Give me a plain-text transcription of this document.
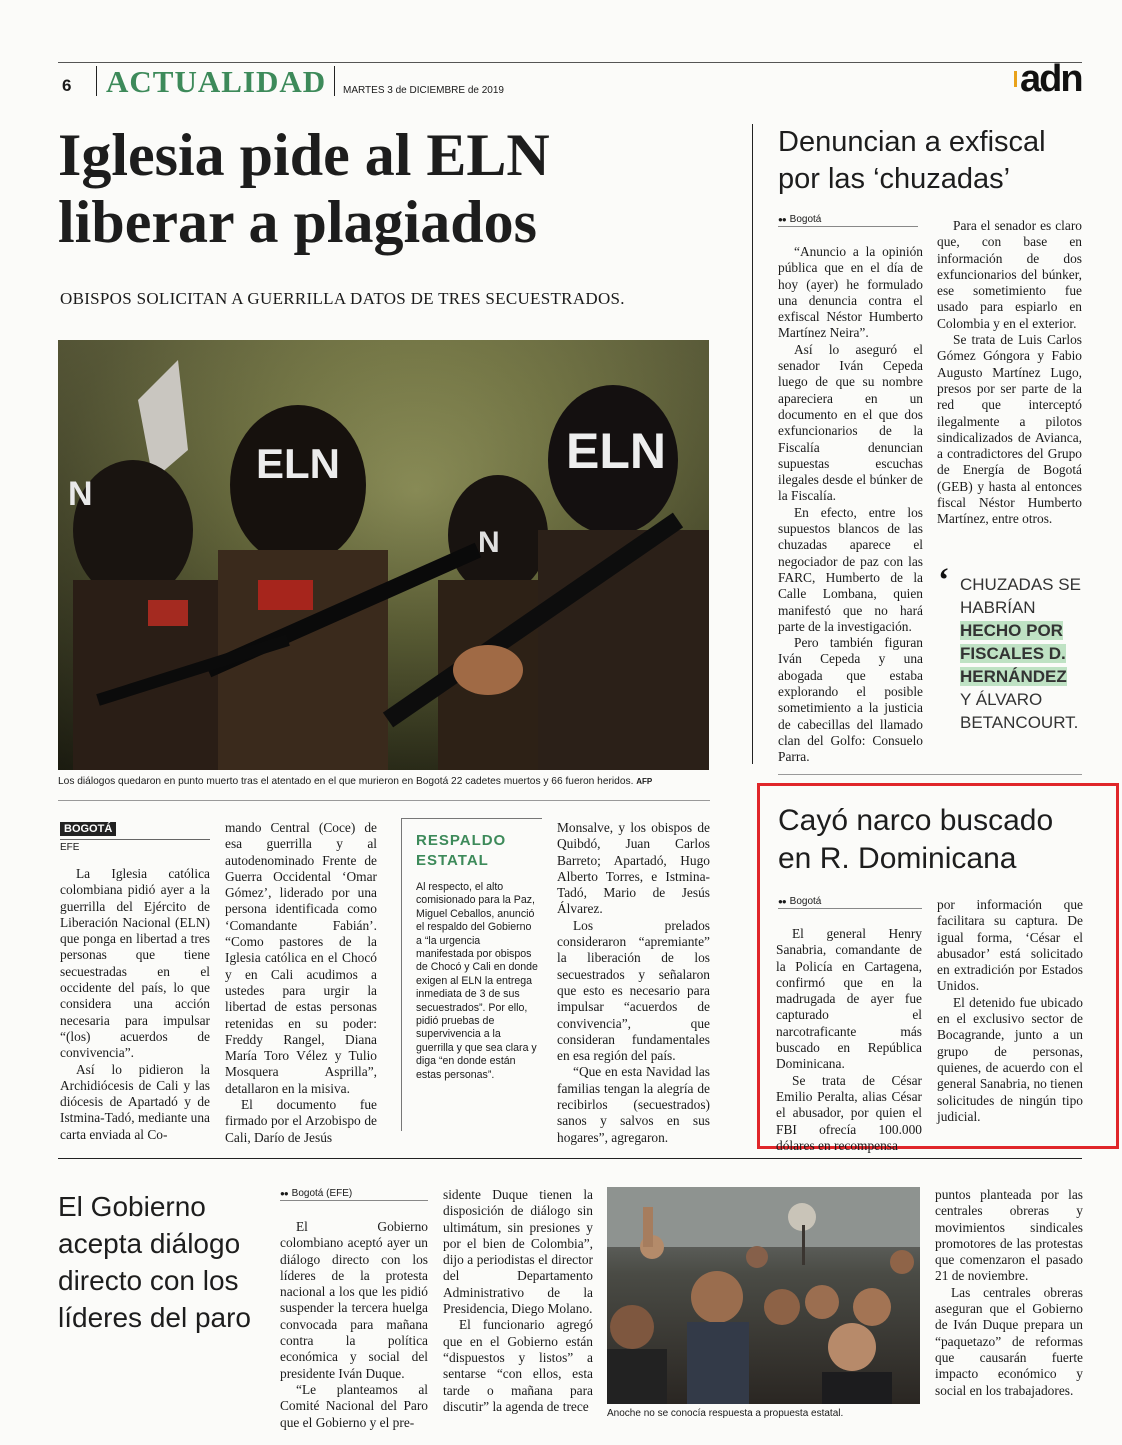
6 ACTUALIDAD MARTES 3 de DICIEMBRE de 2019	adn
Iglesia pide al ELN
liberar a plagiados
OBISPOS SOLICITAN A GUERRILLA DATOS DE TRES SECUESTRADOS.
N
ELN
N
ELN
Los diálogos quedaron en punto muerto tras el atentado en el que murieron en Bogotá 22 cadetes muertos y 66 fueron heridos. AFP
BOGOTÁ
EFE

La Iglesia católica colombiana pidió ayer a la guerrilla del Ejército de Liberación Nacional (ELN) que ponga en libertad a tres personas que tiene secuestradas en el occidente del país, lo que considera una acción necesaria para impulsar “(los) acuerdos de convivencia”.

Así lo pidieron la Archidiócesis de Cali y las diócesis de Apartadó y de Istmina-Tadó, mediante una carta enviada al Co-

mando Central (Coce) de esa guerrilla y al autodenominado Frente de Guerra Occidental ‘Omar Gómez’, liderado por una persona identificada como ‘Comandante Fabián’. “Como pastores de la Iglesia católica en el Chocó y en Cali acudimos a ustedes para urgir la libertad de estas personas retenidas en su poder: Freddy Rangel, Diana María Toro Vélez y Tulio Mosquera Asprilla”, detallaron en la misiva.

El documento fue firmado por el Arzobispo de Cali, Darío de Jesús

RESPALDO
ESTATAL
Al respecto, el alto comisionado para la Paz, Miguel Ceballos, anunció el respaldo del Gobierno a “la urgencia manifestada por obispos de Chocó y Cali en donde exigen al ELN la entrega inmediata de 3 de sus secuestrados”. Por ello, pidió pruebas de supervivencia a la guerrilla y que sea clara y diga “en donde están estas personas”.

Monsalve, y los obispos de Quibdó, Juan Carlos Barreto; Apartadó, Hugo Alberto Torres, e Istmina-Tadó, Mario de Jesús Álvarez.

Los prelados consideraron “apremiante” la liberación de los secuestrados y señalaron que esto es necesario para impulsar “acuerdos de convivencia”, que consideran fundamentales en esa región del país.

“Que en esta Navidad las familias tengan la alegría de recibirlos (secuestrados) sanos y salvos en sus hogares”, agregaron.

Denuncian a exfiscal
por las ‘chuzadas’
●● Bogotá

“Anuncio a la opinión pública que en el día de hoy (ayer) he formulado una denuncia contra el exfiscal Néstor Humberto Martínez Neira”.

Así lo aseguró el senador Iván Cepeda luego de que su nombre apareciera en un documento en el que dos exfuncionarios de la Fiscalía denuncian supuestas escuchas ilegales desde el búnker de la Fiscalía.

En efecto, entre los supuestos blancos de las chuzadas aparece el negociador de paz con las FARC, Humberto de la Calle Lombana, quien manifestó que no hará parte de la investigación.

Pero también figuran Iván Cepeda y una abogada que estaba explorando el posible sometimiento a la justicia de cabecillas del llamado clan del Golfo: Consuelo Parra.

Para el senador es claro que, con base en información de dos exfuncionarios del búnker, ese sometimiento fue usado para espiarlo en Colombia y en el exterior.

Se trata de Luis Carlos Gómez Góngora y Fabio Augusto Martínez Lugo, presos por ser parte de la red que interceptó ilegalmente a pilotos sindicalizados de Avianca, a contradictores del Grupo de Energía de Bogotá (GEB) y hasta al entonces fiscal Néstor Humberto Martínez, entre otros.

‘ CHUZADAS SE
HABRÍAN
HECHO POR
FISCALES D.
HERNÁNDEZ
Y ÁLVARO
BETANCOURT.
Cayó narco buscado
en R. Dominicana
●● Bogotá

El general Henry Sanabria, comandante de la Policía en Cartagena, confirmó que en la madrugada de ayer fue capturado el narcotraficante más buscado en República Dominicana.

Se trata de César Emilio Peralta, alias César el abusador, por quien el FBI ofrecía 100.000 dólares en recompensa

por información que facilitara su captura. De igual forma, ‘César el abusador’ está solicitado en extradición por Estados Unidos.

El detenido fue ubicado en el exclusivo sector de Bocagrande, junto a un grupo de personas, quienes, de acuerdo con el general Sanabria, no tienen solicitudes de ningún tipo judicial.

El Gobierno
acepta diálogo
directo con los
líderes del paro
●● Bogotá (EFE)

El Gobierno colombiano aceptó ayer un diálogo directo con los líderes de la protesta nacional a los que les pidió suspender la tercera huelga convocada para mañana contra la política económica y social del presidente Iván Duque.

“Le planteamos al Comité Nacional del Paro que el Gobierno y el pre-

sidente Duque tienen la disposición de diálogo sin ultimátum, sin presiones y por el bien de Colombia”, dijo a periodistas el director del Departamento Administrativo de la Presidencia, Diego Molano.

El funcionario agregó que en el Gobierno están “dispuestos y listos” a sentarse “con ellos, esta tarde o mañana para discutir” la agenda de trece	Anoche no se conocía respuesta a propuesta estatal.

puntos planteada por las centrales obreras y movimientos sindicales promotores de las protestas que comenzaron el pasado 21 de noviembre.

Las centrales obreras aseguran que el Gobierno de Iván Duque prepara un “paquetazo” de reformas que causarán fuerte impacto económico y social en los trabajadores.
